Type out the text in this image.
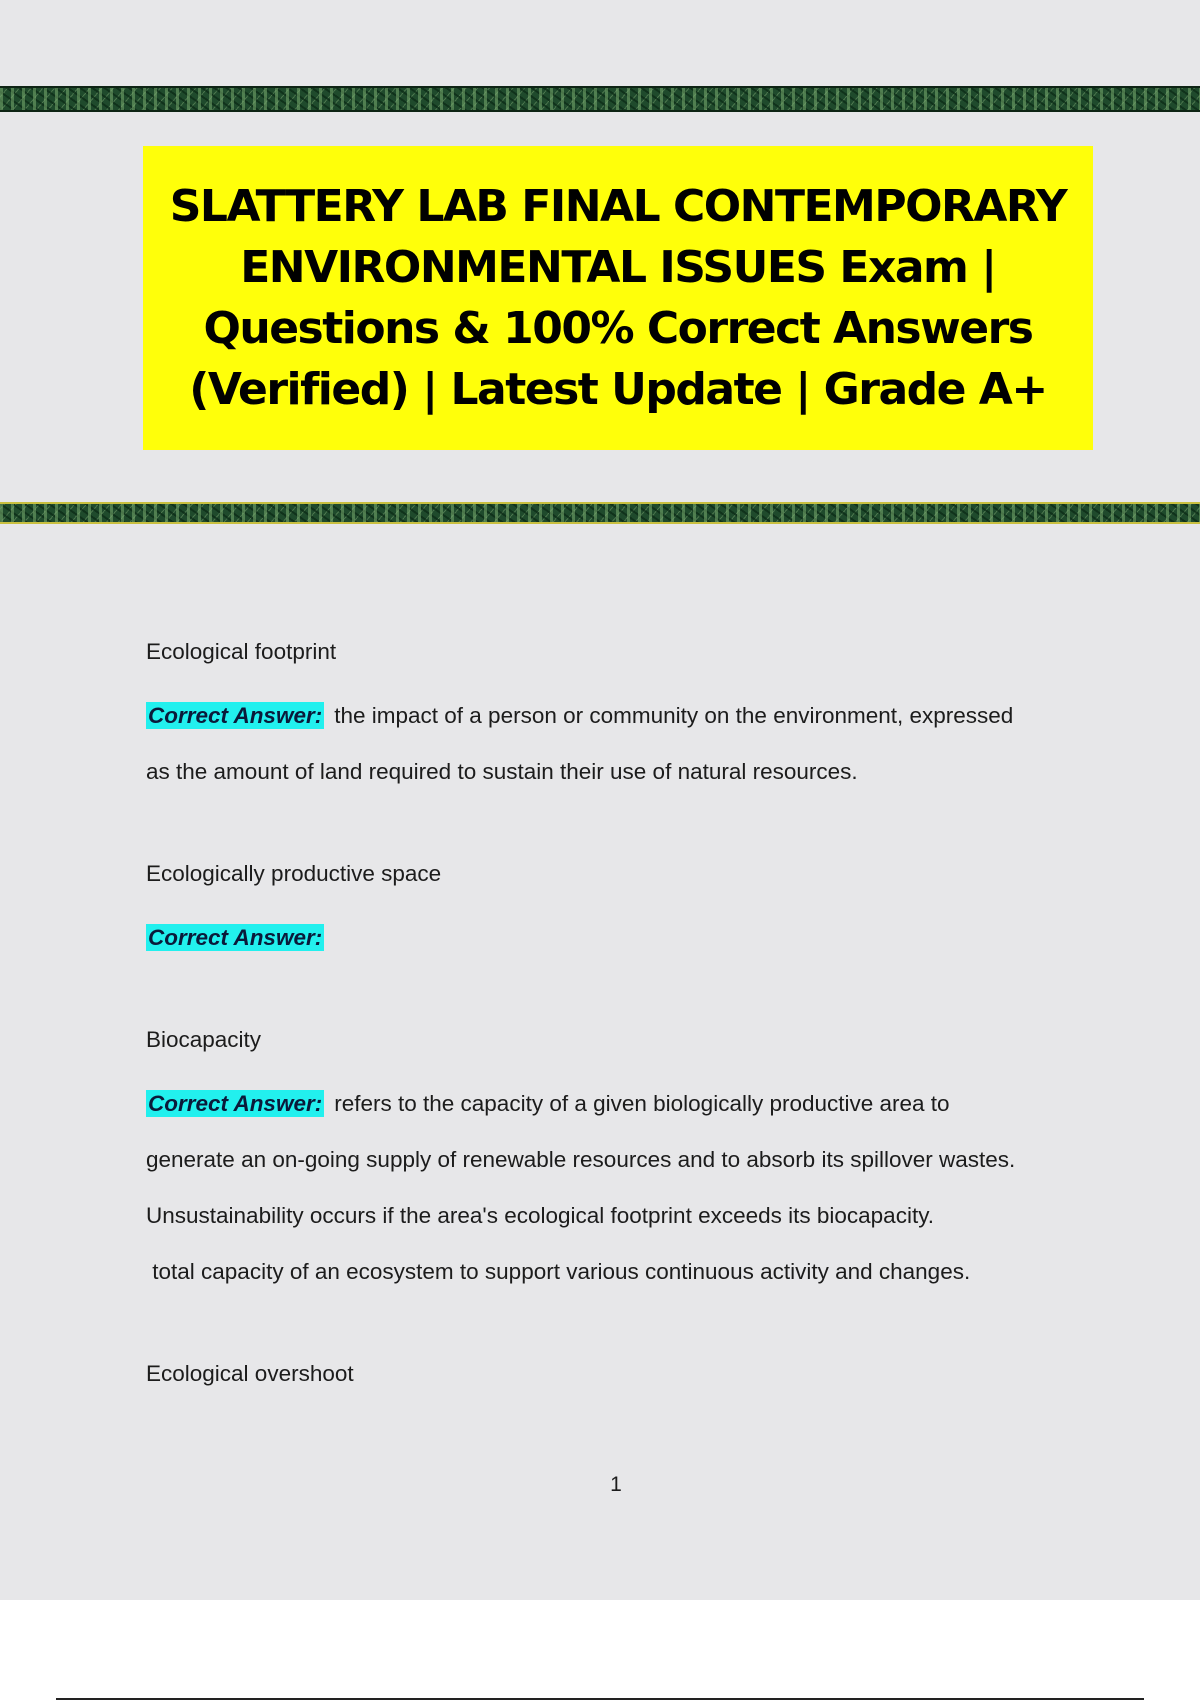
SLATTERY LAB FINAL CONTEMPORARY ENVIRONMENTAL ISSUES Exam | Questions & 100% Correct Answers (Verified) | Latest Update | Grade A+
Ecological footprint
Correct Answer: the impact of a person or community on the environment, expressed
as the amount of land required to sustain their use of natural resources.
Ecologically productive space
Correct Answer:
Biocapacity
Correct Answer: refers to the capacity of a given biologically productive area to
generate an on-going supply of renewable resources and to absorb its spillover wastes.
Unsustainability occurs if the area's ecological footprint exceeds its biocapacity.
total capacity of an ecosystem to support various continuous activity and changes.
Ecological overshoot
1
